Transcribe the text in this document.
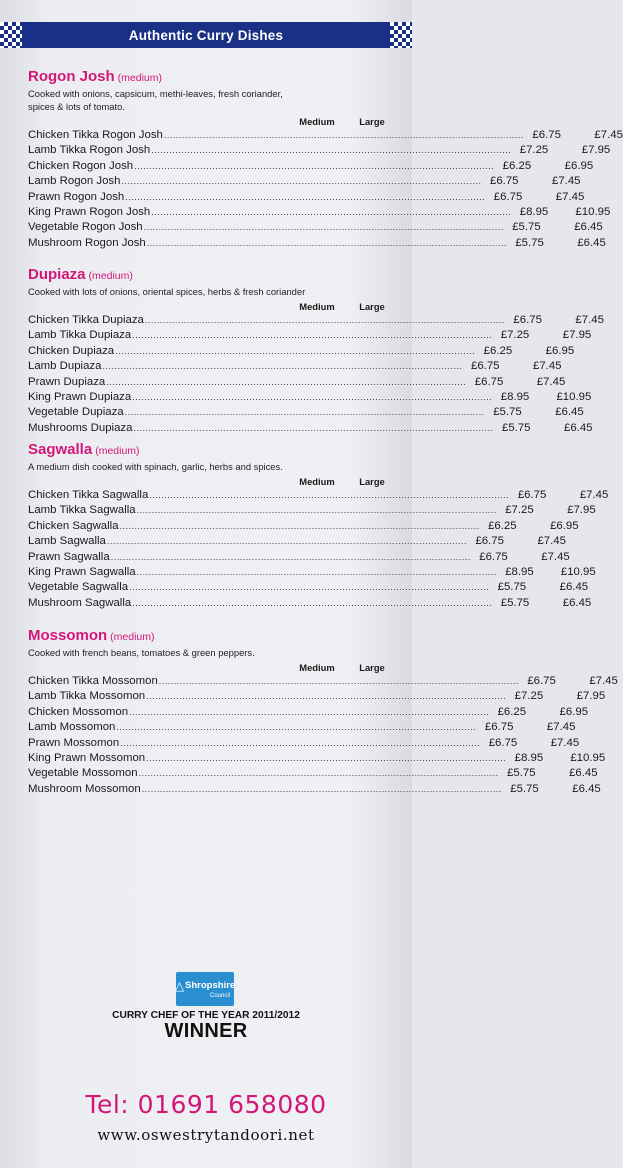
Authentic Curry Dishes
Rogon Josh (medium)
Cooked with onions, capsicum, methi-leaves, fresh coriander,
spices & lots of tomato.
Medium	Large
Chicken Tikka Rogon Josh ........................................................................................................................ £6.75	£7.45
Lamb Tikka Rogon Josh ........................................................................................................................ £7.25	£7.95
Chicken Rogon Josh ........................................................................................................................ £6.25	£6.95
Lamb Rogon Josh ........................................................................................................................ £6.75	£7.45
Prawn Rogon Josh ........................................................................................................................ £6.75	£7.45
King Prawn Rogon Josh ........................................................................................................................ £8.95	£10.95
Vegetable Rogon Josh ........................................................................................................................ £5.75	£6.45
Mushroom Rogon Josh ........................................................................................................................ £5.75	£6.45
Dupiaza (medium)
Cooked with lots of onions, oriental spices, herbs & fresh coriander
Medium	Large
Chicken Tikka Dupiaza ........................................................................................................................ £6.75	£7.45
Lamb Tikka Dupiaza ........................................................................................................................ £7.25	£7.95
Chicken Dupiaza ........................................................................................................................ £6.25	£6.95
Lamb Dupiaza ........................................................................................................................ £6.75	£7.45
Prawn Dupiaza ........................................................................................................................ £6.75	£7.45
King Prawn Dupiaza ........................................................................................................................ £8.95	£10.95
Vegetable Dupiaza ........................................................................................................................ £5.75	£6.45
Mushrooms Dupiaza ........................................................................................................................ £5.75	£6.45
Sagwalla (medium)
A medium dish cooked with spinach, garlic, herbs and spices.
Medium	Large
Chicken Tikka Sagwalla ........................................................................................................................ £6.75	£7.45
Lamb Tikka Sagwalla ........................................................................................................................ £7.25	£7.95
Chicken Sagwalla ........................................................................................................................ £6.25	£6.95
Lamb Sagwalla ........................................................................................................................ £6.75	£7.45
Prawn Sagwalla ........................................................................................................................ £6.75	£7.45
King Prawn Sagwalla ........................................................................................................................ £8.95	£10.95
Vegetable Sagwalla ........................................................................................................................ £5.75	£6.45
Mushroom Sagwalla ........................................................................................................................ £5.75	£6.45
Mossomon (medium)
Cooked with french beans, tomatoes & green peppers.
Medium	Large
Chicken Tikka Mossomon ........................................................................................................................ £6.75	£7.45
Lamb Tikka Mossomon ........................................................................................................................ £7.25	£7.95
Chicken Mossomon ........................................................................................................................ £6.25	£6.95
Lamb Mossomon ........................................................................................................................ £6.75	£7.45
Prawn Mossomon ........................................................................................................................ £6.75	£7.45
King Prawn Mossomon ........................................................................................................................ £8.95	£10.95
Vegetable Mossomon ........................................................................................................................ £5.75	£6.45
Mushroom Mossomon ........................................................................................................................ £5.75	£6.45
△ Shropshire
Council
CURRY CHEF OF THE YEAR 2011/2012
WINNER
Tel: 01691 658080
www.oswestrytandoori.net
